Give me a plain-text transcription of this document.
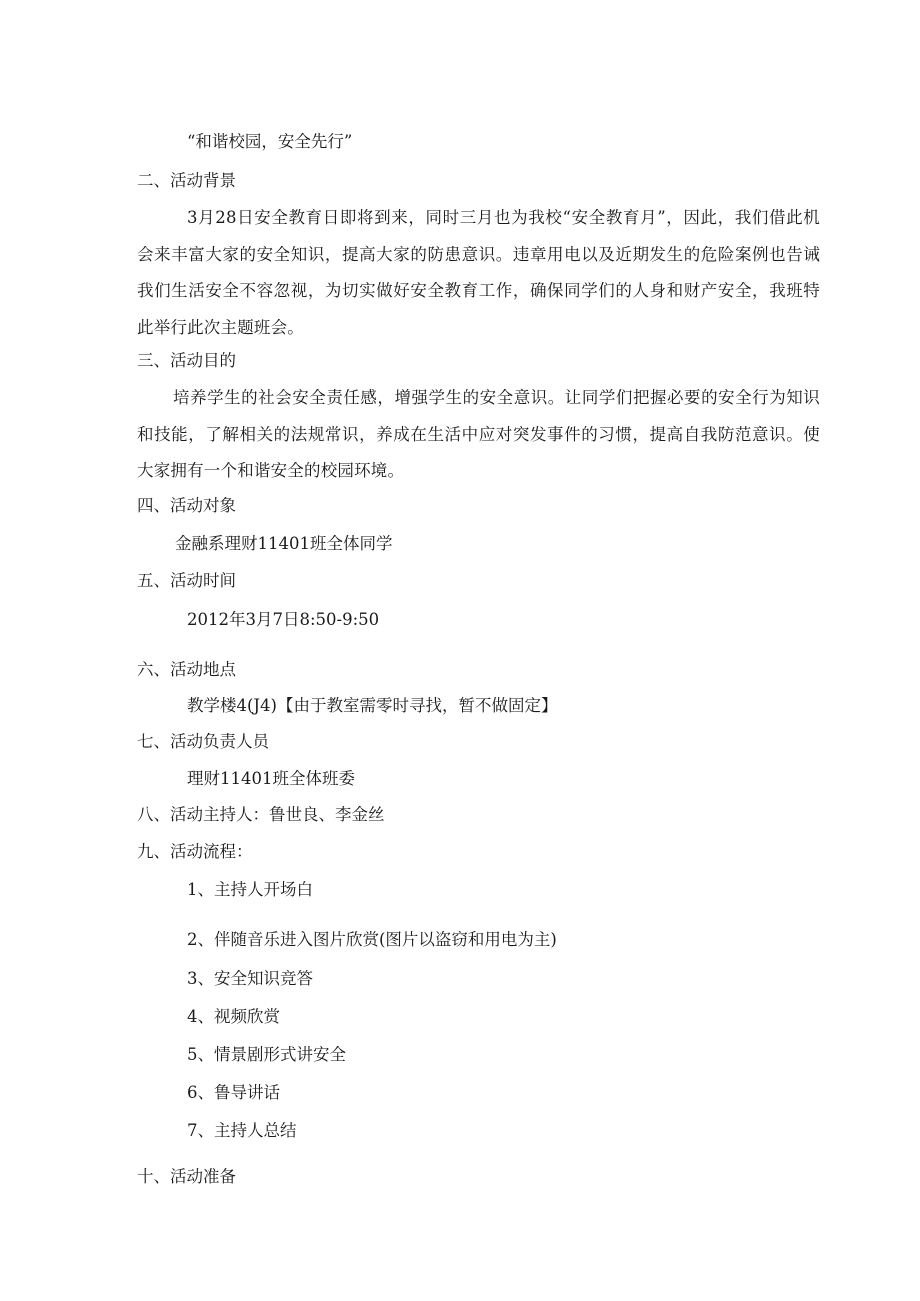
“和谐校园，安全先行”
二、活动背景
3月28日安全教育日即将到来，同时三月也为我校“安全教育月”，因此，我们借此机会来丰富大家的安全知识，提高大家的防患意识。违章用电以及近期发生的危险案例也告诫我们生活安全不容忽视，为切实做好安全教育工作，确保同学们的人身和财产安全，我班特此举行此次主题班会。
三、活动目的
培养学生的社会安全责任感，增强学生的安全意识。让同学们把握必要的安全行为知识和技能，了解相关的法规常识，养成在生活中应对突发事件的习惯，提高自我防范意识。使大家拥有一个和谐安全的校园环境。
四、活动对象
金融系理财11401班全体同学
五、活动时间
2012年3月7日8:50-9:50
六、活动地点
教学楼4(J4)【由于教室需零时寻找，暂不做固定】
七、活动负责人员
理财11401班全体班委
八、活动主持人：鲁世良、李金丝
九、活动流程：
1、主持人开场白
2、伴随音乐进入图片欣赏(图片以盗窃和用电为主)
3、安全知识竞答
4、视频欣赏
5、情景剧形式讲安全
6、鲁导讲话
7、主持人总结
十、活动准备
